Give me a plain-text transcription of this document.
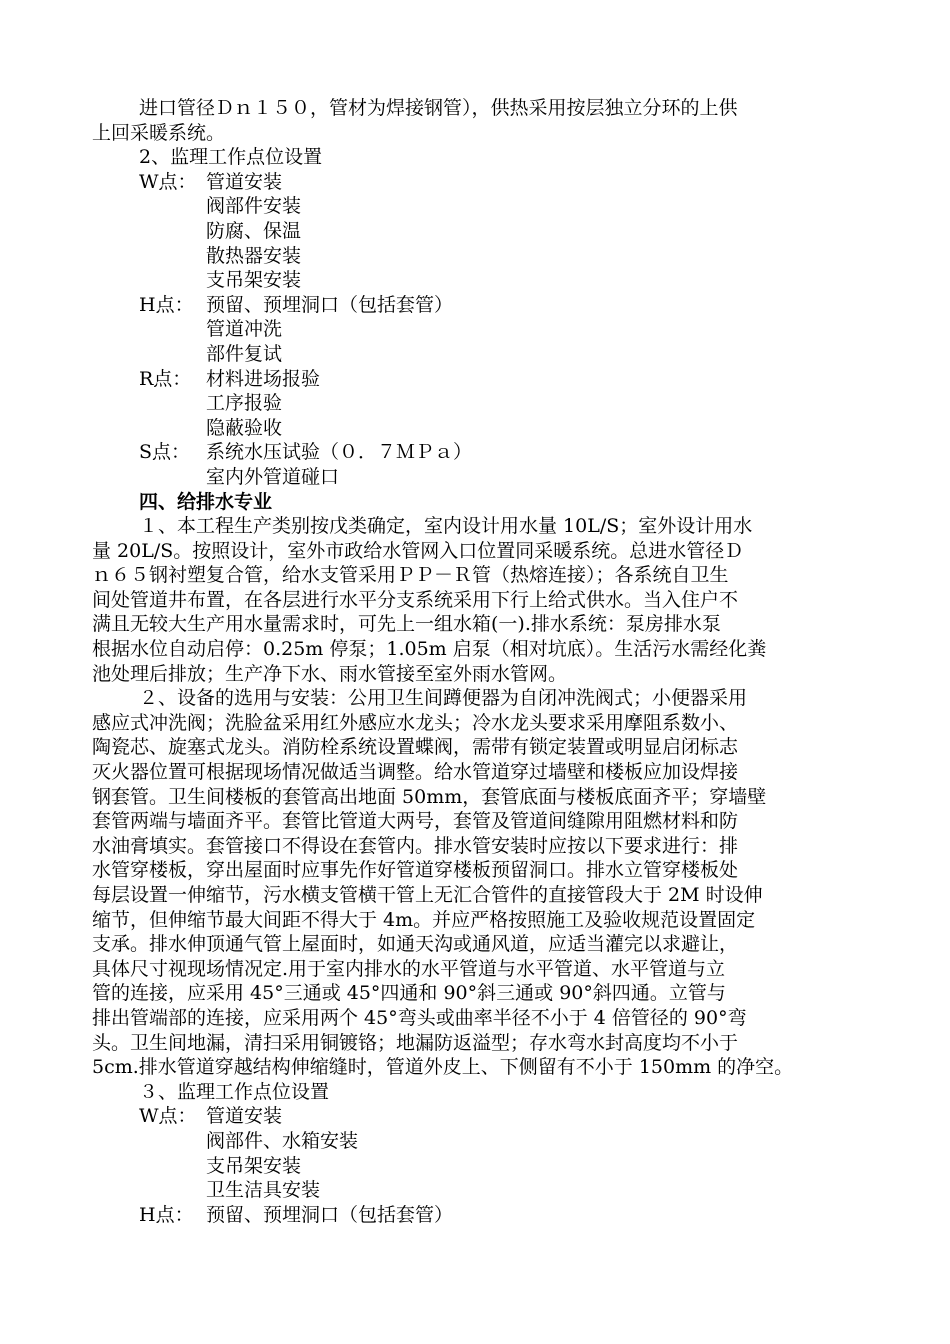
进口管径Ｄｎ１５０，管材为焊接钢管），供热采用按层独立分环的上供
上回采暖系统。
2、监理工作点位设置
W点： 管道安装
阀部件安装
防腐、保温
散热器安装
支吊架安装
H点： 预留、预埋洞口（包括套管）
管道冲洗
部件复试
R点： 材料进场报验
工序报验
隐蔽验收
S点： 系统水压试验（０．７ＭＰａ）
室内外管道碰口
四、给排水专业
１、本工程生产类别按戊类确定，室内设计用水量 10L/S；室外设计用水
量 20L/S。按照设计，室外市政给水管网入口位置同采暖系统。总进水管径Ｄ
ｎ６５钢衬塑复合管，给水支管采用ＰＰ－Ｒ管（热熔连接）；各系统自卫生
间处管道井布置，在各层进行水平分支系统采用下行上给式供水。当入住户不
满且无较大生产用水量需求时，可先上一组水箱(一).排水系统：泵房排水泵
根据水位自动启停：0.25m 停泵；1.05m 启泵（相对坑底）。生活污水需经化粪
池处理后排放；生产净下水、雨水管接至室外雨水管网。
２、设备的选用与安装：公用卫生间蹲便器为自闭冲洗阀式；小便器采用
感应式冲洗阀；洗脸盆采用红外感应水龙头；冷水龙头要求采用摩阻系数小、
陶瓷芯、旋塞式龙头。消防栓系统设置蝶阀，需带有锁定装置或明显启闭标志
灭火器位置可根据现场情况做适当调整。给水管道穿过墙壁和楼板应加设焊接
钢套管。卫生间楼板的套管高出地面 50mm，套管底面与楼板底面齐平；穿墙壁
套管两端与墙面齐平。套管比管道大两号，套管及管道间缝隙用阻燃材料和防
水油膏填实。套管接口不得设在套管内。排水管安装时应按以下要求进行：排
水管穿楼板，穿出屋面时应事先作好管道穿楼板预留洞口。排水立管穿楼板处
每层设置一伸缩节，污水横支管横干管上无汇合管件的直接管段大于 2M 时设伸
缩节，但伸缩节最大间距不得大于 4m。并应严格按照施工及验收规范设置固定
支承。排水伸顶通气管上屋面时，如通天沟或通风道，应适当灌完以求避让，
具体尺寸视现场情况定.用于室内排水的水平管道与水平管道、水平管道与立
管的连接，应采用 45°三通或 45°四通和 90°斜三通或 90°斜四通。立管与
排出管端部的连接，应采用两个 45°弯头或曲率半径不小于 4 倍管径的 90°弯
头。卫生间地漏，清扫采用铜镀铬；地漏防返溢型；存水弯水封高度均不小于
5cm.排水管道穿越结构伸缩缝时，管道外皮上、下侧留有不小于 150mm 的净空。
３、监理工作点位设置
W点： 管道安装
阀部件、水箱安装
支吊架安装
卫生洁具安装
H点： 预留、预埋洞口（包括套管）
